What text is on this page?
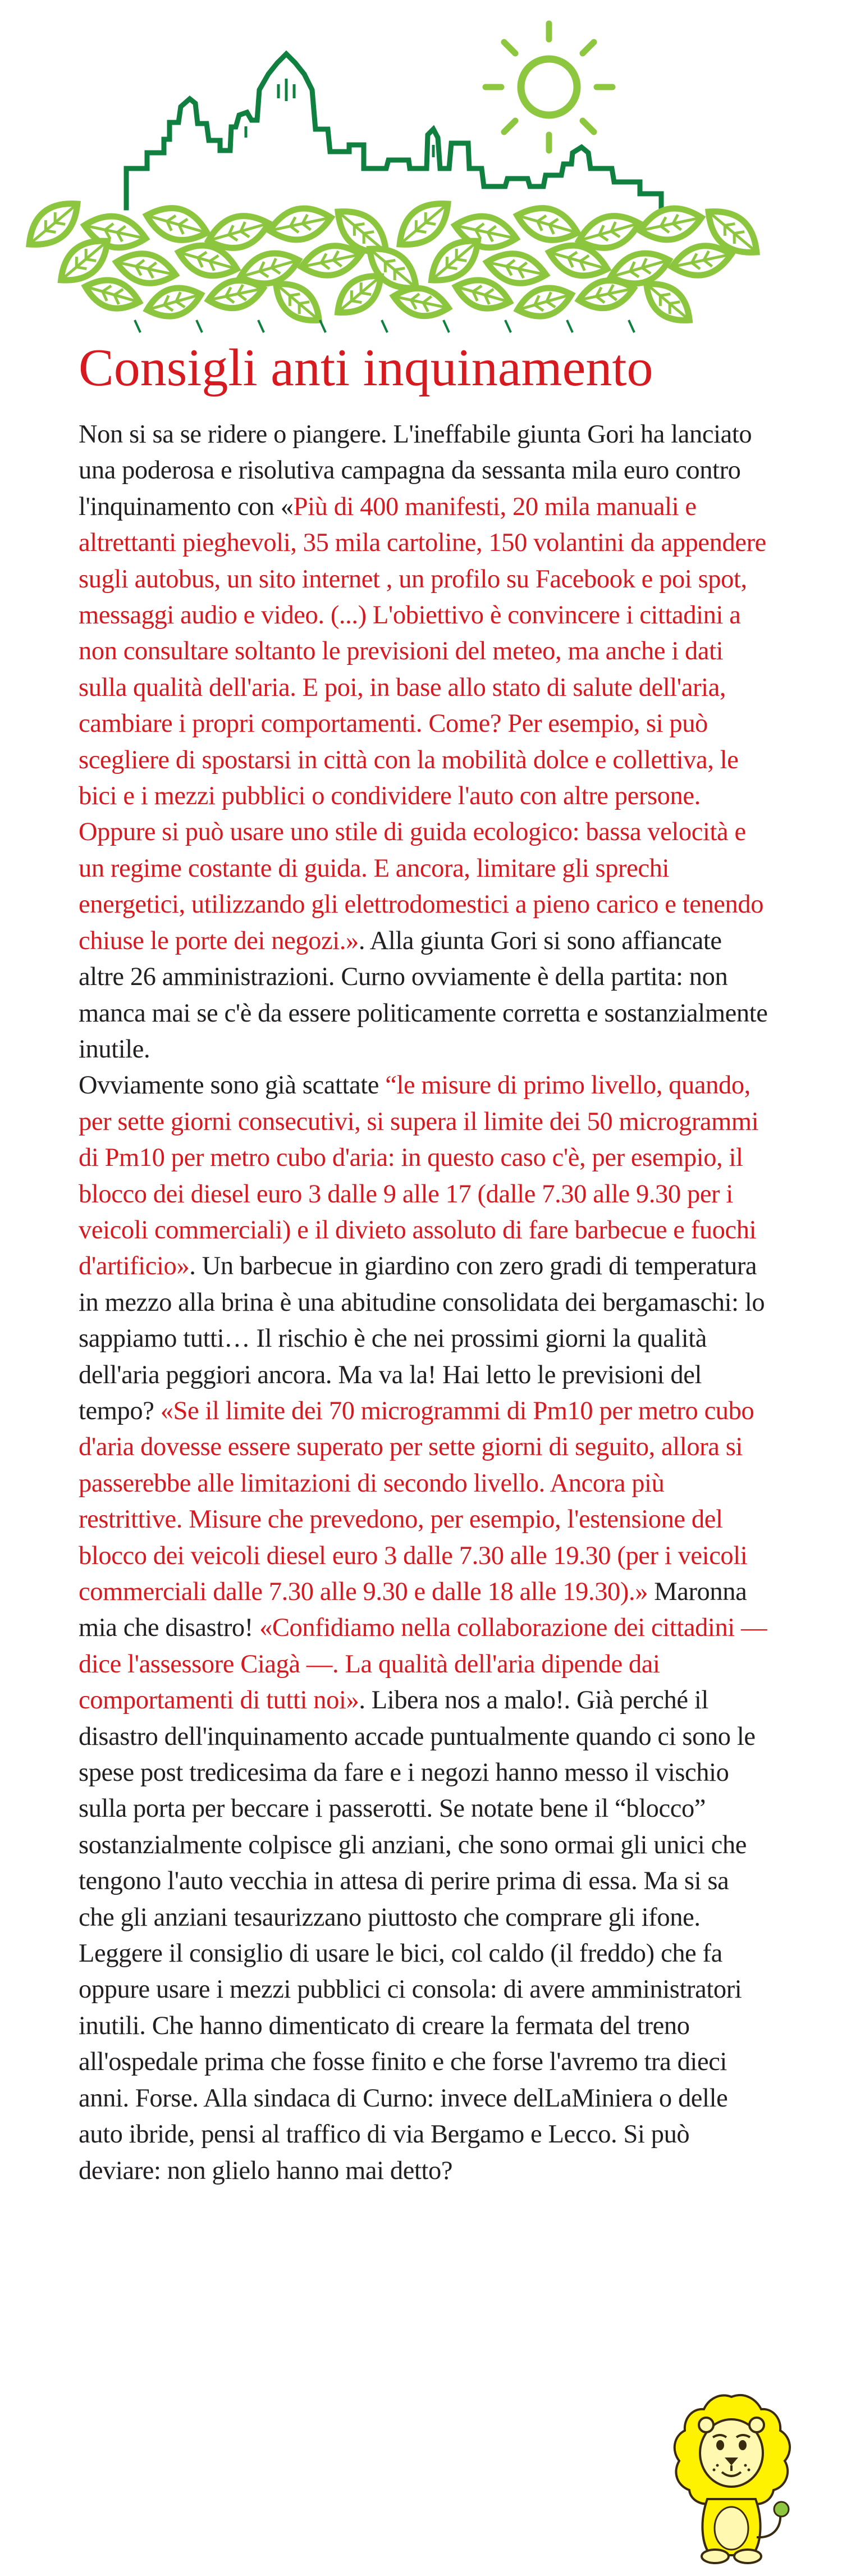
Consigli anti inquinamento

Non si sa se ridere o piangere. L'ineffabile giunta Gori ha lanciato una poderosa e risolutiva campagna da sessanta mila euro contro l'inquinamento con «Più di 400 manifesti, 20 mila manuali e altrettanti pieghevoli, 35 mila cartoline, 150 volantini da appendere sugli autobus, un sito internet , un profilo su Facebook e poi spot, messaggi audio e video. (...) L'obiettivo è convincere i cittadini a non consultare soltanto le previsioni del meteo, ma anche i dati sulla qualità dell'aria. E poi, in base allo stato di salute dell'aria, cambiare i propri comportamenti. Come? Per esempio, si può scegliere di spostarsi in città con la mobilità dolce e collettiva, le bici e i mezzi pubblici o condividere l'auto con altre persone. Oppure si può usare uno stile di guida ecologico: bassa velocità e un regime costante di guida. E ancora, limitare gli sprechi energetici, utilizzando gli elettrodomestici a pieno carico e tenendo chiuse le porte dei negozi.». Alla giunta Gori si sono affiancate altre 26 amministrazioni. Curno ovviamente è della partita: non manca mai se c'è da essere politicamente corretta e sostanzialmente inutile.

Ovviamente sono già scattate “le misure di primo livello, quando, per sette giorni consecutivi, si supera il limite dei 50 microgrammi di Pm10 per metro cubo d'aria: in questo caso c'è, per esempio, il blocco dei diesel euro 3 dalle 9 alle 17 (dalle 7.30 alle 9.30 per i veicoli commerciali) e il divieto assoluto di fare barbecue e fuochi d'artificio». Un barbecue in giardino con zero gradi di temperatura in mezzo alla brina è una abitudine consolidata dei bergamaschi: lo sappiamo tutti… Il rischio è che nei prossimi giorni la qualità dell'aria peggiori ancora. Ma va la! Hai letto le previsioni del tempo? «Se il limite dei 70 microgrammi di Pm10 per metro cubo d'aria dovesse essere superato per sette giorni di seguito, allora si passerebbe alle limitazioni di secondo livello. Ancora più restrittive. Misure che prevedono, per esempio, l'estensione del blocco dei veicoli diesel euro 3 dalle 7.30 alle 19.30 (per i veicoli commerciali dalle 7.30 alle 9.30 e dalle 18 alle 19.30).» Maronna mia che disastro! «Confidiamo nella collaborazione dei cittadini — dice l'assessore Ciagà —. La qualità dell'aria dipende dai comportamenti di tutti noi». Libera nos a malo!. Già perché il disastro dell'inquinamento accade puntualmente quando ci sono le spese post tredicesima da fare e i negozi hanno messo il vischio sulla porta per beccare i passerotti. Se notate bene il “blocco” sostanzialmente colpisce gli anziani, che sono ormai gli unici che tengono l'auto vecchia in attesa di perire prima di essa. Ma si sa che gli anziani tesaurizzano piuttosto che comprare gli ifone.

Leggere il consiglio di usare le bici, col caldo (il freddo) che fa oppure usare i mezzi pubblici ci consola: di avere amministratori inutili. Che hanno dimenticato di creare la fermata del treno all'ospedale prima che fosse finito e che forse l'avremo tra dieci anni. Forse. Alla sindaca di Curno: invece delLaMiniera o delle auto ibride, pensi al traffico di via Bergamo e Lecco. Si può deviare: non glielo hanno mai detto?
